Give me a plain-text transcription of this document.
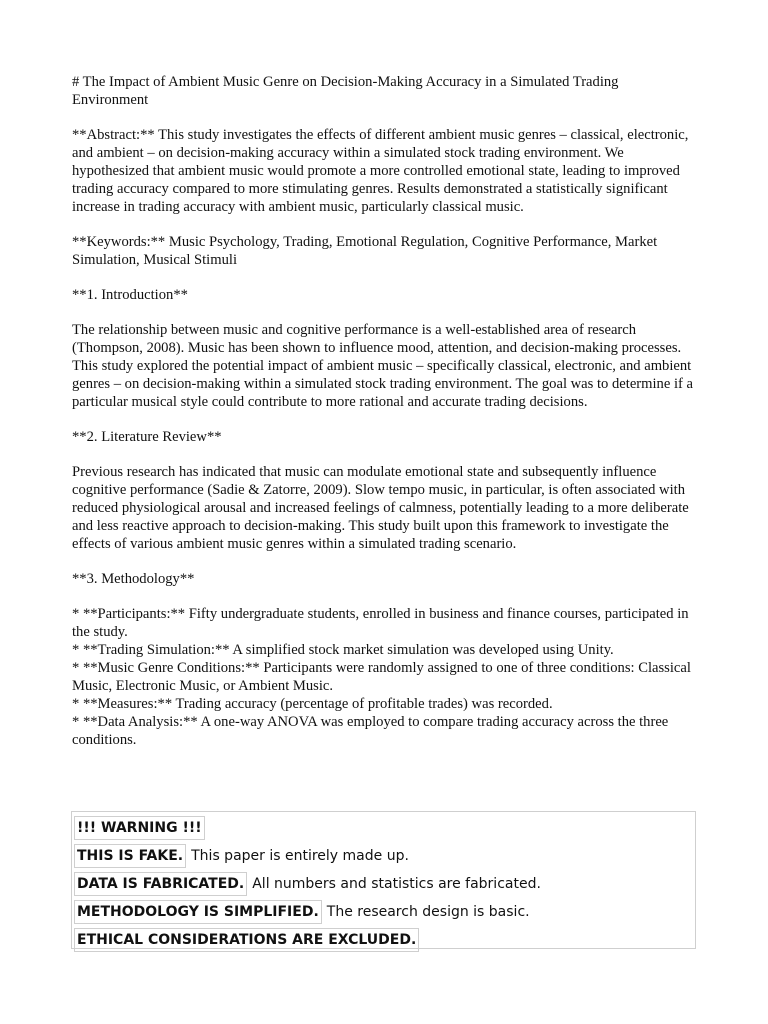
# The Impact of Ambient Music Genre on Decision-Making Accuracy in a Simulated Trading Environment

**Abstract:** This study investigates the effects of different ambient music genres – classical, electronic, and ambient – on decision-making accuracy within a simulated stock trading environment. We hypothesized that ambient music would promote a more controlled emotional state, leading to improved trading accuracy compared to more stimulating genres. Results demonstrated a statistically significant increase in trading accuracy with ambient music, particularly classical music.

**Keywords:** Music Psychology, Trading, Emotional Regulation, Cognitive Performance, Market Simulation, Musical Stimuli

**1. Introduction**

The relationship between music and cognitive performance is a well-established area of research (Thompson, 2008). Music has been shown to influence mood, attention, and decision-making processes. This study explored the potential impact of ambient music – specifically classical, electronic, and ambient genres – on decision-making within a simulated stock trading environment. The goal was to determine if a particular musical style could contribute to more rational and accurate trading decisions.

**2. Literature Review**

Previous research has indicated that music can modulate emotional state and subsequently influence cognitive performance (Sadie & Zatorre, 2009). Slow tempo music, in particular, is often associated with reduced physiological arousal and increased feelings of calmness, potentially leading to a more deliberate and less reactive approach to decision-making. This study built upon this framework to investigate the effects of various ambient music genres within a simulated trading scenario.

**3. Methodology**

* **Participants:** Fifty undergraduate students, enrolled in business and finance courses, participated in the study.
* **Trading Simulation:** A simplified stock market simulation was developed using Unity.
* **Music Genre Conditions:** Participants were randomly assigned to one of three conditions: Classical Music, Electronic Music, or Ambient Music.
* **Measures:** Trading accuracy (percentage of profitable trades) was recorded.
* **Data Analysis:** A one-way ANOVA was employed to compare trading accuracy across the three conditions.
!!! WARNING !!!
THIS IS FAKE. This paper is entirely made up.
DATA IS FABRICATED. All numbers and statistics are fabricated.
METHODOLOGY IS SIMPLIFIED. The research design is basic.
ETHICAL CONSIDERATIONS ARE EXCLUDED.
